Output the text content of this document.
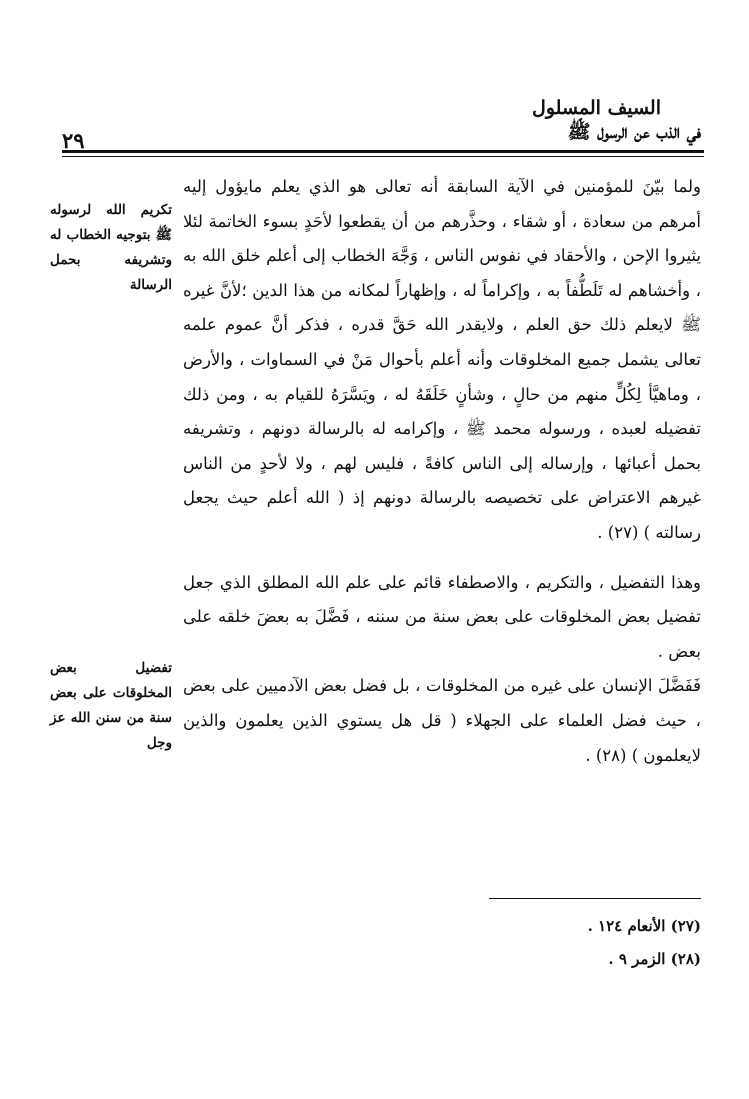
السيف المسلول
في الذب عن الرسول ﷺ
٢٩

ولما بيّنَ للمؤمنين في الآية السابقة أنه تعالى هو الذي يعلم مايؤول إليه أمرهم من سعادة ، أو شقاء ، وحذَّرهم من أن يقطعوا لأحَدٍ بسوء الخاتمة لئلا يثيروا الإحن ، والأحقاد في نفوس الناس ، وَجَّهَ الخطاب إلى أعلم خلق الله به ، وأخشاهم له تَلَطُّفاً به ، وإكراماً له ، وإظهاراً لمكانه من هذا الدين ؛لأنَّ غيره ﷺ لايعلم ذلك حق العلم ، ولايقدر الله حَقَّ قدره ، فذكر أنَّ عموم علمه تعالى يشمل جميع المخلوقات وأنه أعلم بأحوال مَنْ في السماوات ، والأرض ، وماهيَّأ لِكُلٍّ منهم من حالٍ ، وشأنٍ خَلَقَهُ له ، ويَسَّرَهُ للقيام به ، ومن ذلك تفضيله لعبده ، ورسوله محمد ﷺ ، وإكرامه له بالرسالة دونهم ، وتشريفه بحمل أعبائها ، وإرساله إلى الناس كافةً ، فليس لهم ، ولا لأحدٍ من الناس غيرهم الاعتراض على تخصيصه بالرسالة دونهم إذ ( الله أعلم حيث يجعل رسالته ) (٢٧) .

وهذا التفضيل ، والتكريم ، والاصطفاء قائم على علم الله المطلق الذي جعل تفضيل بعض المخلوقات على بعض سنة من سننه ، فَضَّلَ به بعضَ خلقه على بعض .

فَفَضَّلَ الإنسان على غيره من المخلوقات ، بل فضل بعض الآدميين على بعض ، حيث فضل العلماء على الجهلاء ( قل هل يستوي الذين يعلمون والذين لايعلمون ) (٢٨) .

تكريم الله لرسوله ﷺ بتوجيه الخطاب له وتشريفه بحمل الرسالة
تفضيل بعض المخلوقات على بعض سنة من سنن الله عز وجل
(٢٧) الأنعام ١٢٤ .
(٢٨) الزمر ٩ .
